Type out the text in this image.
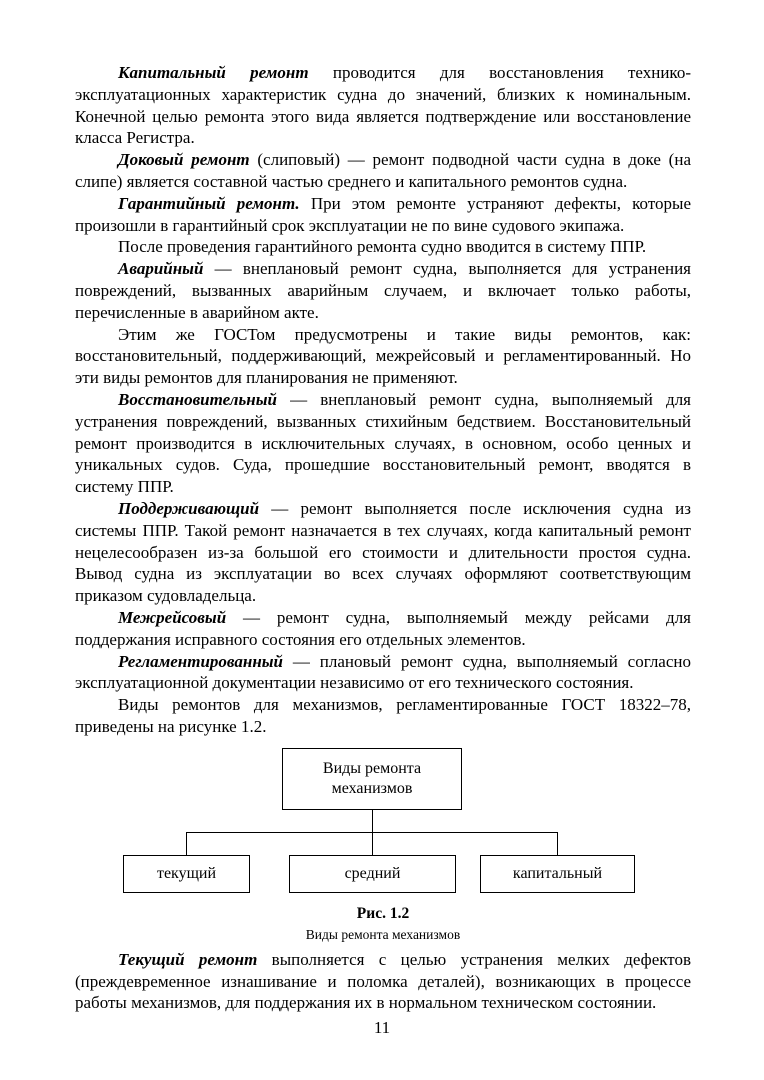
Капитальный ремонт проводится для восстановления технико-эксплуатационных характеристик судна до значений, близких к номинальным. Конечной целью ремонта этого вида является подтверждение или восстановление класса Регистра.

Доковый ремонт (слиповый) — ремонт подводной части судна в доке (на слипе) является составной частью среднего и капитального ремонтов судна.

Гарантийный ремонт. При этом ремонте устраняют дефекты, которые произошли в гарантийный срок эксплуатации не по вине судового экипажа.

После проведения гарантийного ремонта судно вводится в систему ППР.

Аварийный — внеплановый ремонт судна, выполняется для устранения повреждений, вызванных аварийным случаем, и включает только работы, перечисленные в аварийном акте.

Этим же ГОСТом предусмотрены и такие виды ремонтов, как: восстановительный, поддерживающий, межрейсовый и регламентированный. Но эти виды ремонтов для планирования не применяют.

Восстановительный — внеплановый ремонт судна, выполняемый для устранения повреждений, вызванных стихийным бедствием. Восстановительный ремонт производится в исключительных случаях, в основном, особо ценных и уникальных судов. Суда, прошедшие восстановительный ремонт, вводятся в систему ППР.

Поддерживающий — ремонт выполняется после исключения судна из системы ППР. Такой ремонт назначается в тех случаях, когда капитальный ремонт нецелесообразен из-за большой его стоимости и длительности простоя судна. Вывод судна из эксплуатации во всех случаях оформляют соответствующим приказом судовладельца.

Межрейсовый — ремонт судна, выполняемый между рейсами для поддержания исправного состояния его отдельных элементов.

Регламентированный — плановый ремонт судна, выполняемый согласно эксплуатационной документации независимо от его технического состояния.

Виды ремонтов для механизмов, регламентированные ГОСТ 18322–78, приведены на рисунке 1.2.

Виды ремонта механизмов
текущий	средний	капитальный
Рис. 1.2
Виды ремонта механизмов

Текущий ремонт выполняется с целью устранения мелких дефектов (преждевременное изнашивание и поломка деталей), возникающих в процессе работы механизмов, для поддержания их в нормальном техническом состоянии.

11
